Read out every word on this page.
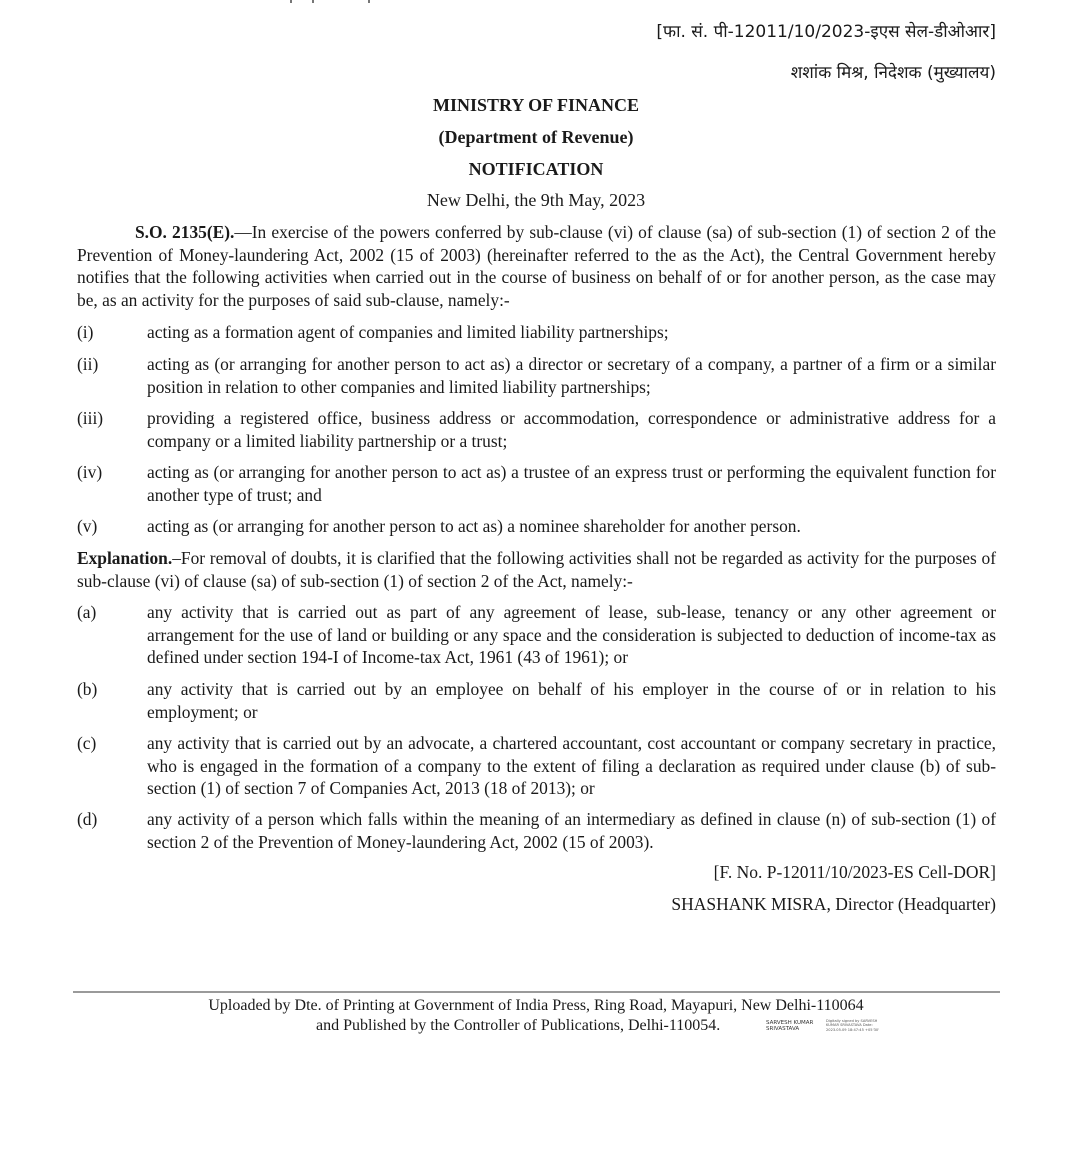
[फा. सं. पी-12011/10/2023-इएस सेल-डीओआर]
शशांक मिश्र, निदेशक (मुख्यालय)
MINISTRY OF FINANCE
(Department of Revenue)
NOTIFICATION
New Delhi, the 9th May, 2023
S.O. 2135(E).—In exercise of the powers conferred by sub-clause (vi) of clause (sa) of sub-section (1) of section 2 of the Prevention of Money-laundering Act, 2002 (15 of 2003) (hereinafter referred to the as the Act), the Central Government hereby notifies that the following activities when carried out in the course of business on behalf of or for another person, as the case may be, as an activity for the purposes of said sub-clause, namely:-
(i)	acting as a formation agent of companies and limited liability partnerships;
(ii)	acting as (or arranging for another person to act as) a director or secretary of a company, a partner of a firm or a similar position in relation to other companies and limited liability partnerships;
(iii)	providing a registered office, business address or accommodation, correspondence or administrative address for a company or a limited liability partnership or a trust;
(iv)	acting as (or arranging for another person to act as) a trustee of an express trust or performing the equivalent function for another type of trust; and
(v)	acting as (or arranging for another person to act as) a nominee shareholder for another person.
Explanation.–For removal of doubts, it is clarified that the following activities shall not be regarded as activity for the purposes of sub-clause (vi) of clause (sa) of sub-section (1) of section 2 of the Act, namely:-
(a)	any activity that is carried out as part of any agreement of lease, sub-lease, tenancy or any other agreement or arrangement for the use of land or building or any space and the consideration is subjected to deduction of income-tax as defined under section 194-I of Income-tax Act, 1961 (43 of 1961); or
(b)	any activity that is carried out by an employee on behalf of his employer in the course of or in relation to his employment; or
(c)	any activity that is carried out by an advocate, a chartered accountant, cost accountant or company secretary in practice, who is engaged in the formation of a company to the extent of filing a declaration as required under clause (b) of sub-section (1) of section 7 of Companies Act, 2013 (18 of 2013); or
(d)	any activity of a person which falls within the meaning of an intermediary as defined in clause (n) of sub-section (1) of section 2 of the Prevention of Money-laundering Act, 2002 (15 of 2003).
[F. No. P-12011/10/2023-ES Cell-DOR]
SHASHANK MISRA, Director (Headquarter)
Uploaded by Dte. of Printing at Government of India Press, Ring Road, Mayapuri, New Delhi-110064
and Published by the Controller of Publications, Delhi-110054.	SARVESH KUMAR
SRIVASTAVA
Digitally signed by SARVESH KUMAR SRIVASTAVA Date: 2023.05.09 18:47:45 +05'30'
